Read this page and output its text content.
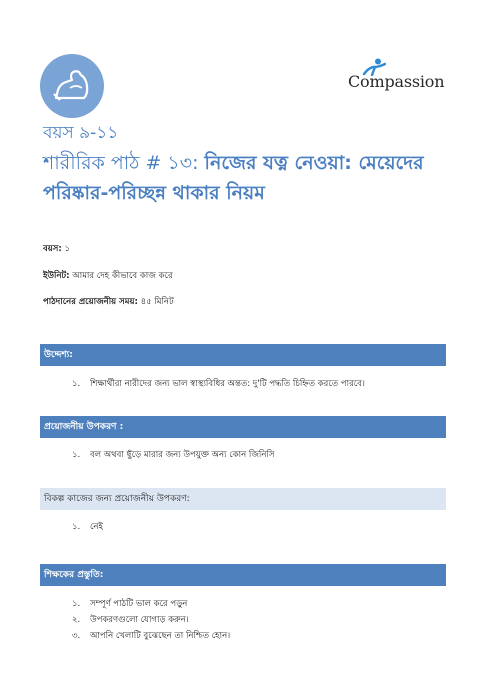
Compassion
বয়স ৯-১১
শারীরিক পাঠ # ১৩: নিজের যত্ন নেওয়া: মেয়েদের পরিষ্কার-পরিচ্ছন্ন থাকার নিয়ম
বয়স: ১
ইউনিট: আমার দেহ কীভাবে কাজ করে
পাঠদানের প্রয়োজনীয় সময়: ৪৫ মিনিট
উদ্দেশ্য:
১. শিক্ষার্থীরা নারীদের জন্য ভাল স্বাস্থ্যবিধির অন্তত: দু'টি পদ্ধতি চিহ্নিত করতে পারবে।
প্রয়োজনীয় উপকরণ :
১. বল অথবা ছুঁড়ে মারার জন্য উপযুক্ত অন্য কোন জিনিসি
বিকল্প কাজের জন্য প্রয়োজনীয় উপকরণ:
১. নেই
শিক্ষকের প্রস্তুতি:
১. সম্পূর্ণ পাঠটি ভাল করে পড়ুন
২. উপকরণগুলো যোগাড় করুন।
৩. আপনি খেলাটি বুঝেছেন তা নিশ্চিত হোন।
